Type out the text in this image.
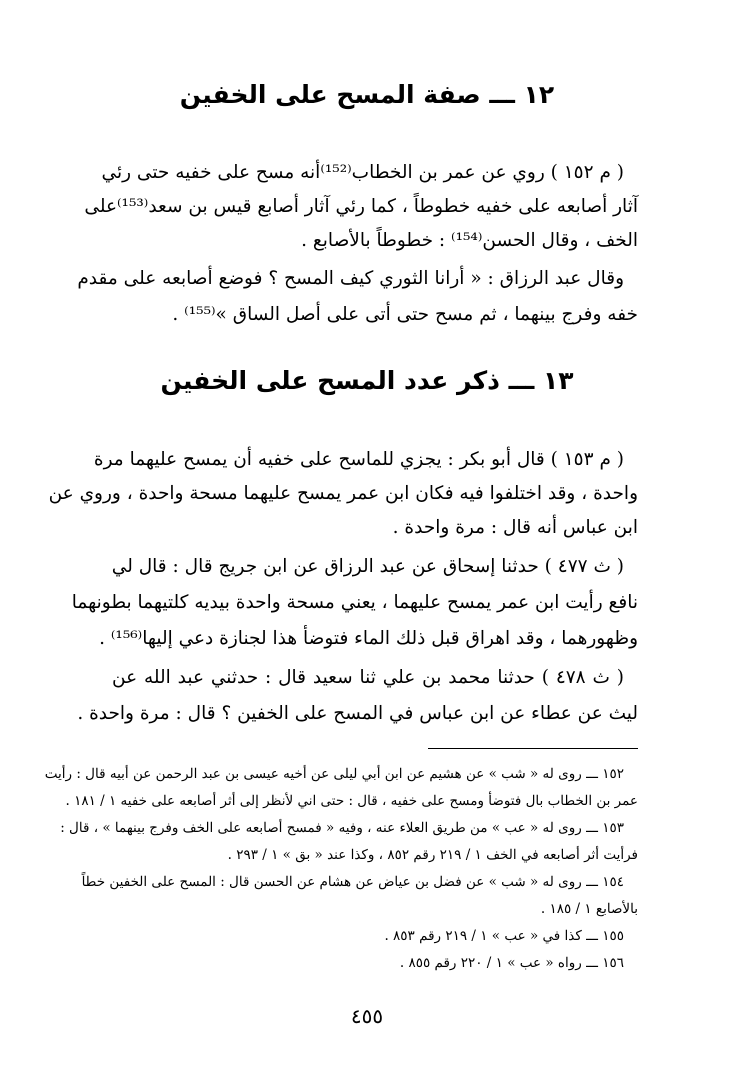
١٢ ـــ صفة المسح على الخفين
( م ١٥٢ ) روي عن عمر بن الخطاب⁽¹⁵²⁾أنه مسح على خفيه حتى رئي
آثار أصابعه على خفيه خطوطاً ، كما رئي آثار أصابع قيس بن سعد⁽¹⁵³⁾على
الخف ، وقال الحسن⁽¹⁵⁴⁾ : خطوطاً بالأصابع .
وقال عبد الرزاق : « أرانا الثوري كيف المسح ؟ فوضع أصابعه على مقدم
خفه وفرج بينهما ، ثم مسح حتى أتى على أصل الساق »⁽¹⁵⁵⁾ .
١٣ ـــ ذكر عدد المسح على الخفين
( م ١٥٣ ) قال أبو بكر : يجزي للماسح على خفيه أن يمسح عليهما مرة
واحدة ، وقد اختلفوا فيه فكان ابن عمر يمسح عليهما مسحة واحدة ، وروي عن
ابن عباس أنه قال : مرة واحدة .
( ث ٤٧٧ ) حدثنا إسحاق عن عبد الرزاق عن ابن جريج قال : قال لي
نافع رأيت ابن عمر يمسح عليهما ، يعني مسحة واحدة بيديه كلتيهما بطونهما
وظهورهما ، وقد اهراق قبل ذلك الماء فتوضأ هذا لجنازة دعي إليها⁽¹⁵⁶⁾ .
( ث ٤٧٨ ) حدثنا محمد بن علي ثنا سعيد قال : حدثني عبد الله عن
ليث عن عطاء عن ابن عباس في المسح على الخفين ؟ قال : مرة واحدة .
١٥٢ ـــ روى له « شب » عن هشيم عن ابن أبي ليلى عن أخيه عيسى بن عبد الرحمن عن أبيه قال : رأيت
عمر بن الخطاب بال فتوضأ ومسح على خفيه ، قال : حتى اني لأنظر إلى أثر أصابعه على خفيه ١ / ١٨١ .
١٥٣ ـــ روى له « عب » من طريق العلاء عنه ، وفيه « فمسح أصابعه على الخف وفرج بينهما » ، قال :
فرأيت أثر أصابعه في الخف ١ / ٢١٩ رقم ٨٥٢ ، وكذا عند « بق » ١ / ٢٩٣ .
١٥٤ ـــ روى له « شب » عن فضل بن عياض عن هشام عن الحسن قال : المسح على الخفين خطاً
بالأصابع ١ / ١٨٥ .
١٥٥ ـــ كذا في « عب » ١ / ٢١٩ رقم ٨٥٣ .
١٥٦ ـــ رواه « عب » ١ / ٢٢٠ رقم ٨٥٥ .
٤٥٥
